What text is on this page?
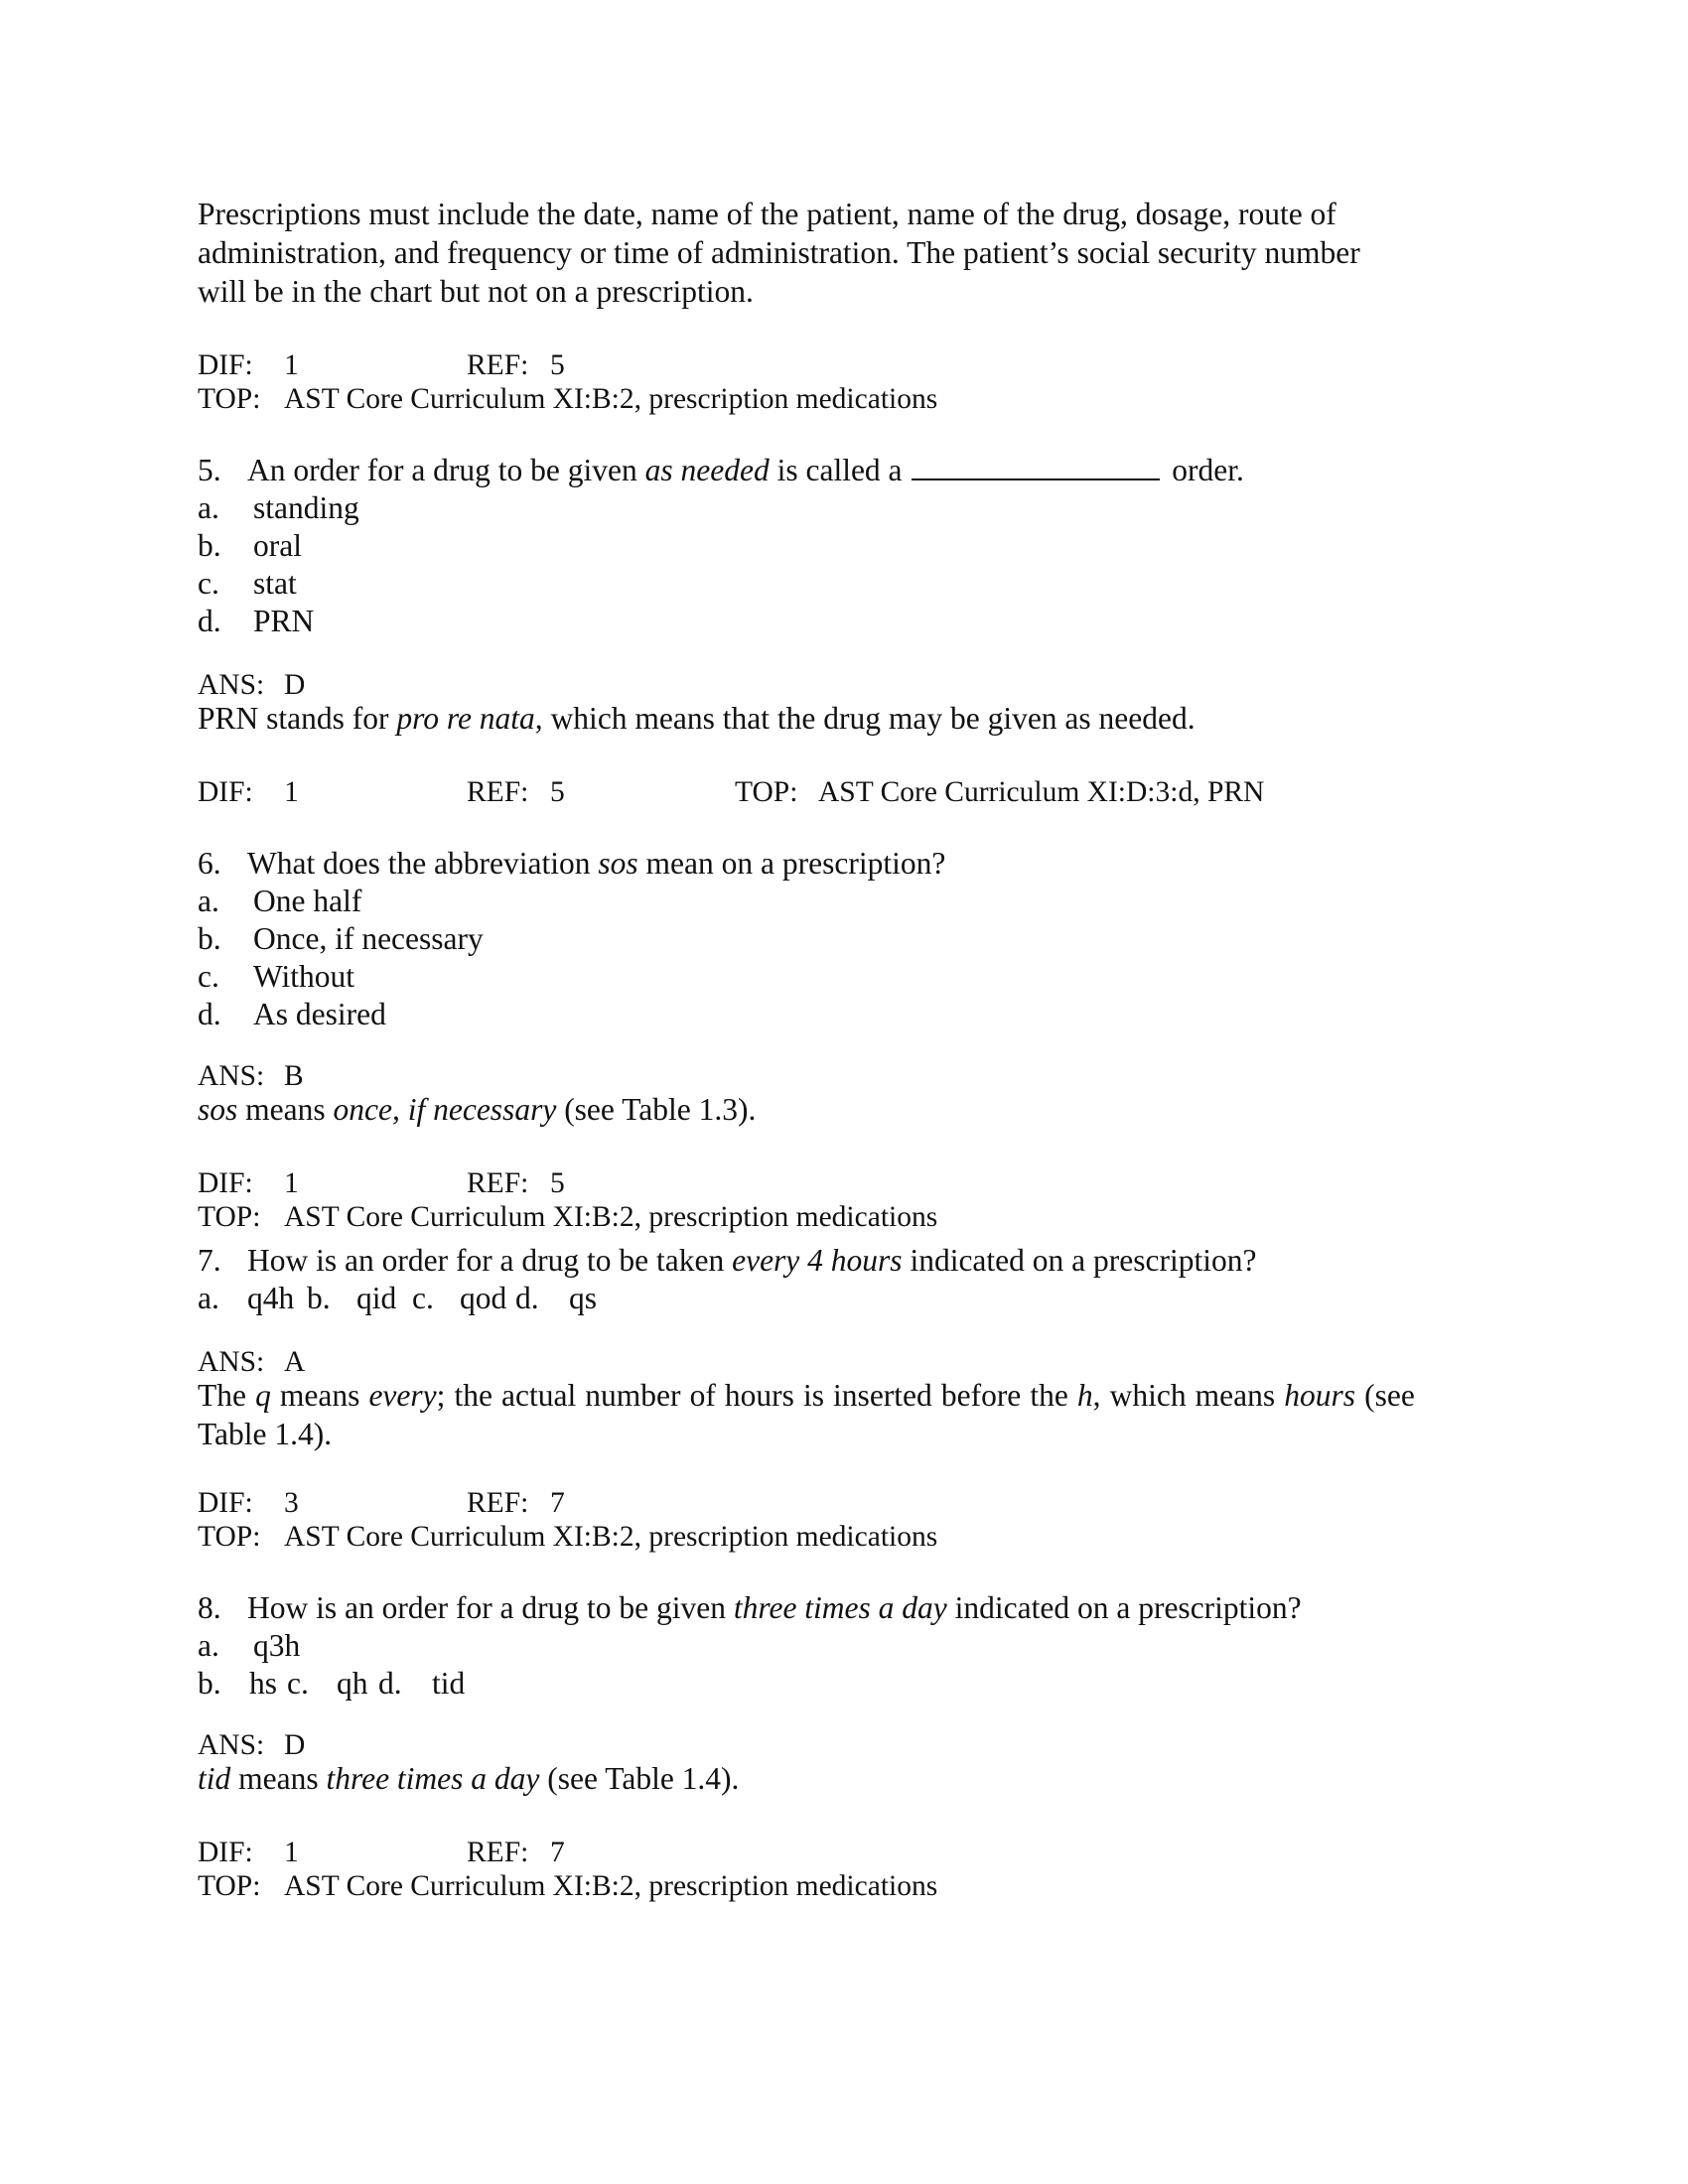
Prescriptions must include the date, name of the patient, name of the drug, dosage, route of
administration, and frequency or time of administration. The patient’s social security number
will be in the chart but not on a prescription.
DIF: 1	REF: 5
TOP: AST Core Curriculum XI:B:2, prescription medications
5. An order for a drug to be given as needed is called a	order.
a. standing
b. oral
c. stat
d. PRN
ANS: D
PRN stands for pro re nata, which means that the drug may be given as needed.
DIF: 1	REF: 5	TOP: AST Core Curriculum XI:D:3:d, PRN
6. What does the abbreviation sos mean on a prescription?
a. One half
b. Once, if necessary
c. Without
d. As desired
ANS: B
sos means once, if necessary (see Table 1.3).
DIF: 1	REF: 5
TOP: AST Core Curriculum XI:B:2, prescription medications
7. How is an order for a drug to be taken every 4 hours indicated on a prescription?
a. q4h b. qid c. qod d. qs
ANS: A
The q means every; the actual number of hours is inserted before the h, which means hours (see
Table 1.4).
DIF: 3	REF: 7
TOP: AST Core Curriculum XI:B:2, prescription medications
8. How is an order for a drug to be given three times a day indicated on a prescription?
a. q3h
b. hs c. qh d. tid
ANS: D
tid means three times a day (see Table 1.4).
DIF: 1	REF: 7
TOP: AST Core Curriculum XI:B:2, prescription medications
